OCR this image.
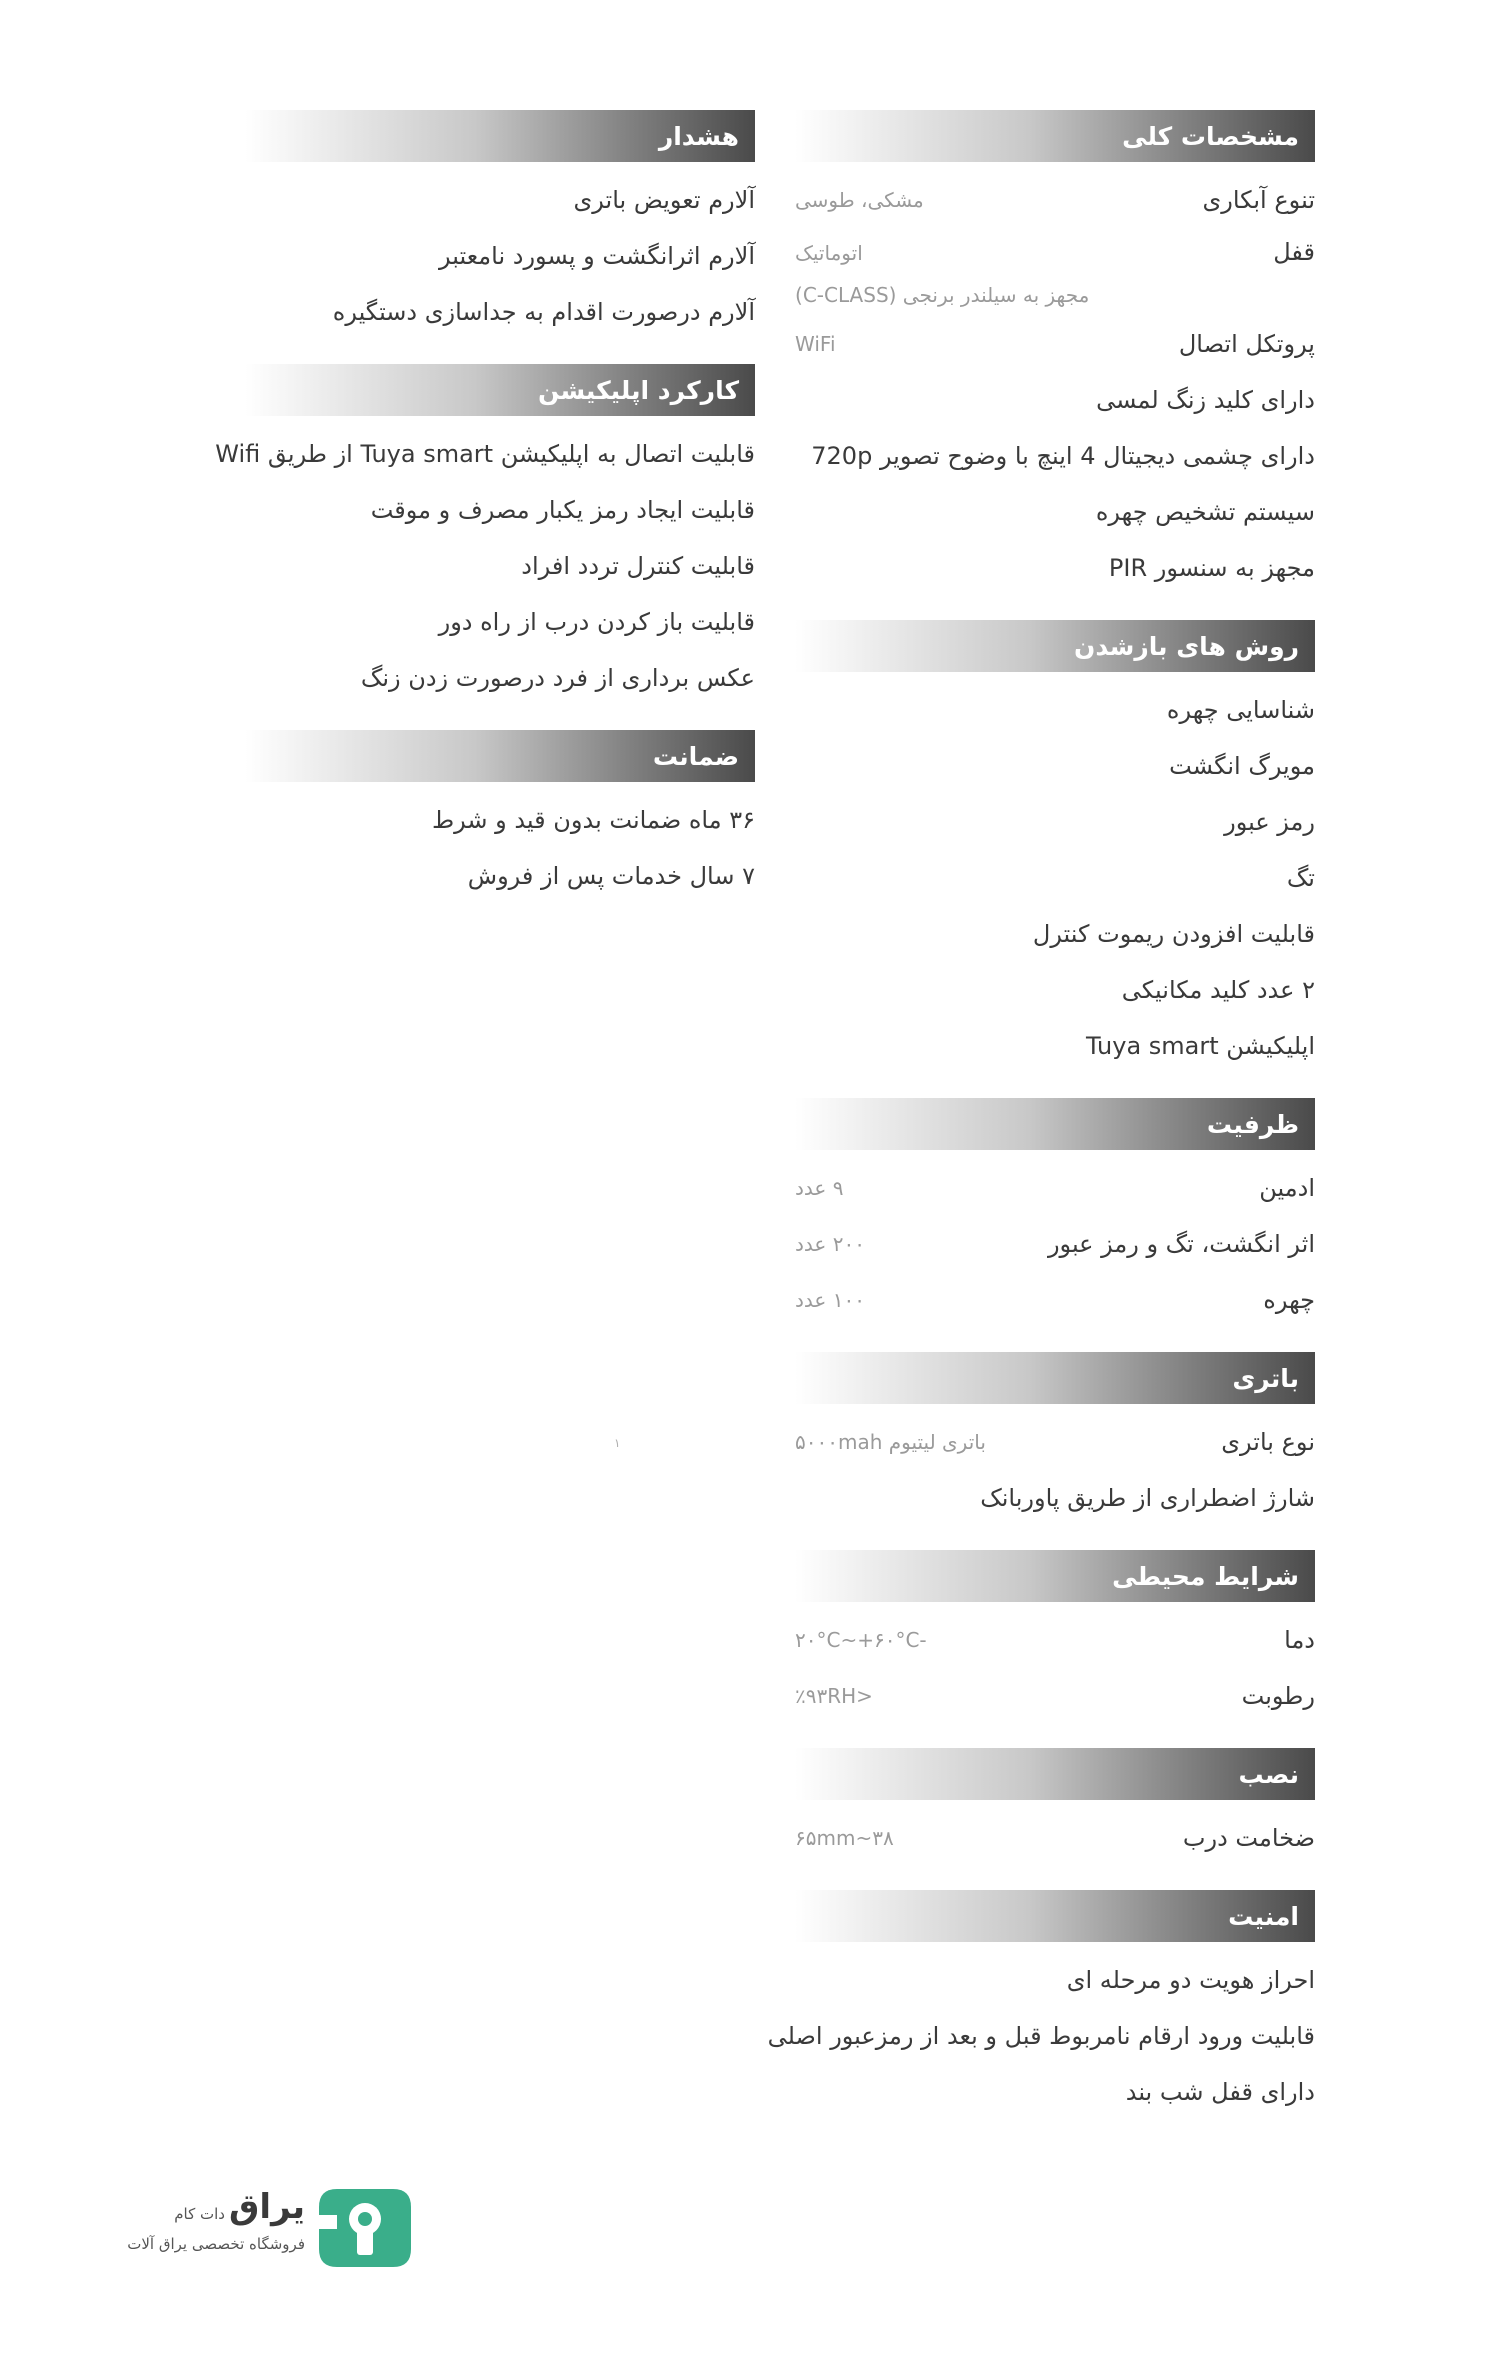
مشخصات کلی
تنوع آبکاری
مشکی، طوسی
قفل
اتوماتیک
مجهز به سیلندر برنجی (C-CLASS)
پروتکل اتصال
WiFi
دارای کلید زنگ لمسی
دارای چشمی دیجیتال 4 اینچ با وضوح تصویر 720p
سیستم تشخیص چهره
مجهز به سنسور PIR
روش های بازشدن
شناسایی چهره
مویرگ انگشت
رمز عبور
تگ
قابلیت افزودن ریموت کنترل
۲ عدد کلید مکانیکی
اپلیکیشن Tuya smart
ظرفیت
ادمین
۹ عدد
اثر انگشت، تگ و رمز عبور
۲۰۰ عدد
چهره
۱۰۰ عدد
باتری
نوع باتری
باتری لیتیوم ۵۰۰۰mah
شارژ اضطراری از طریق پاوربانک
شرایط محیطی
دما
-۲۰°C~+۶۰°C
رطوبت
<٪۹۳RH
نصب
ضخامت درب
۳۸~۶۵mm
امنیت
احراز هویت دو مرحله ای
قابلیت ورود ارقام نامربوط قبل و بعد از رمزعبور اصلی
دارای قفل شب بند
هشدار
آلارم تعویض باتری
آلارم اثرانگشت و پسورد نامعتبر
آلارم درصورت اقدام به جداسازی دستگیره
کارکرد اپلیکیشن
قابلیت اتصال به اپلیکیشن Tuya smart از طریق Wifi
قابلیت ایجاد رمز یکبار مصرف و موقت
قابلیت کنترل تردد افراد
قابلیت باز کردن درب از راه دور
عکس برداری از فرد درصورت زدن زنگ
ضمانت
۳۶ ماه ضمانت بدون قید و شرط
۷ سال خدمات پس از فروش
۱
یراق
دات کام
فروشگاه تخصصی یراق آلات
